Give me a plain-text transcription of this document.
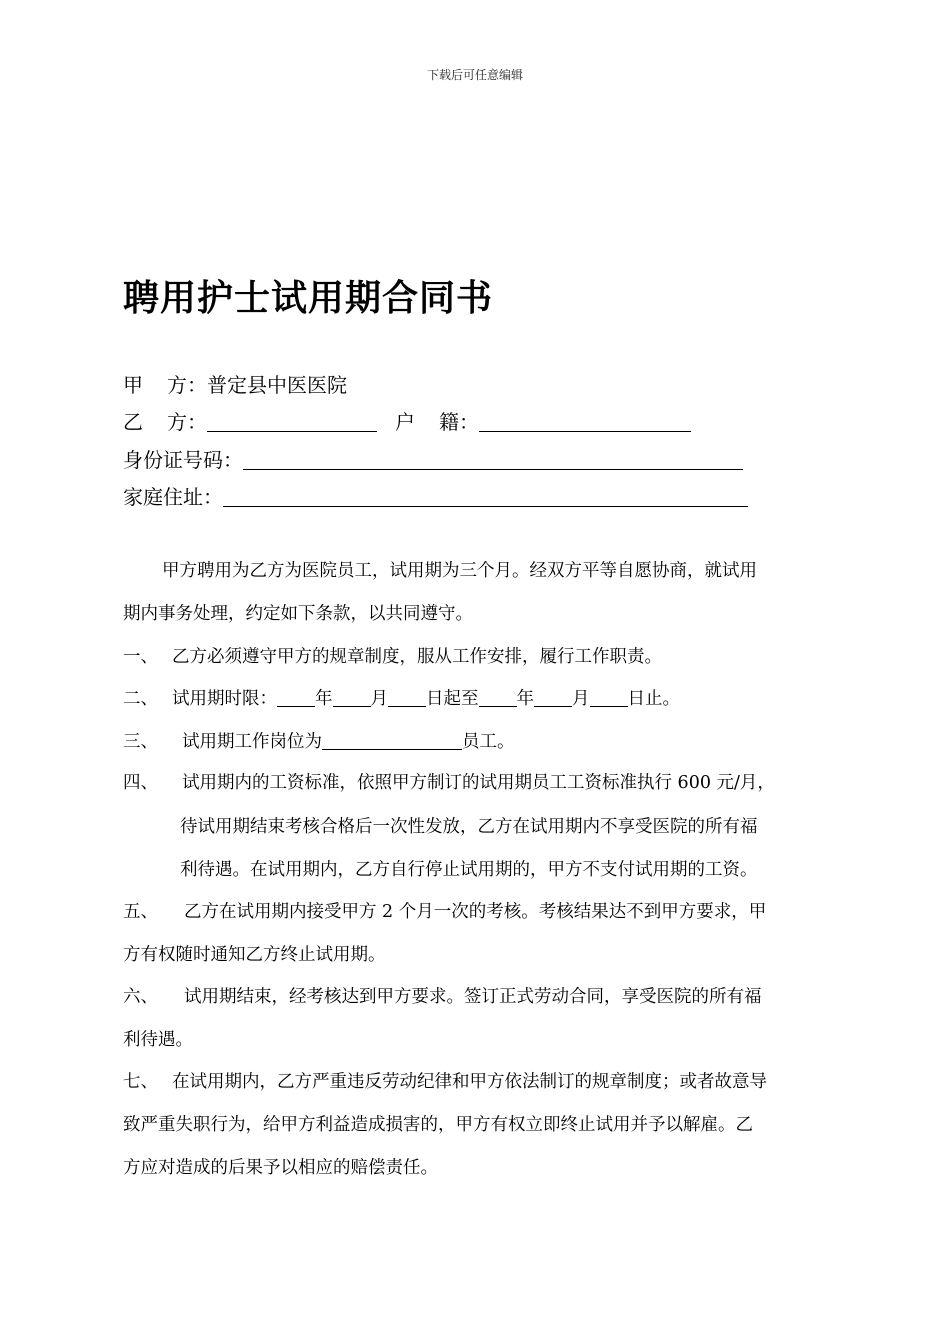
下载后可任意编辑
聘用护士试用期合同书
甲 方：普定县中医医院
乙 方：	户 籍：
身份证号码：
家庭住址：
甲方聘用为乙方为医院员工，试用期为三个月。经双方平等自愿协商，就试用
期内事务处理，约定如下条款，以共同遵守。
一、 乙方必须遵守甲方的规章制度，服从工作安排，履行工作职责。
二、 试用期时限： 年 月 日起至 年 月 日止。
三、 试用期工作岗位为	员工。
四、 试用期内的工资标准，依照甲方制订的试用期员工工资标准执行 600 元/月，
待试用期结束考核合格后一次性发放，乙方在试用期内不享受医院的所有福
利待遇。在试用期内，乙方自行停止试用期的，甲方不支付试用期的工资。
五、 乙方在试用期内接受甲方 2 个月一次的考核。考核结果达不到甲方要求，甲
方有权随时通知乙方终止试用期。
六、 试用期结束，经考核达到甲方要求。签订正式劳动合同，享受医院的所有福
利待遇。
七、 在试用期内，乙方严重违反劳动纪律和甲方依法制订的规章制度；或者故意导
致严重失职行为，给甲方利益造成损害的，甲方有权立即终止试用并予以解雇。乙
方应对造成的后果予以相应的赔偿责任。
